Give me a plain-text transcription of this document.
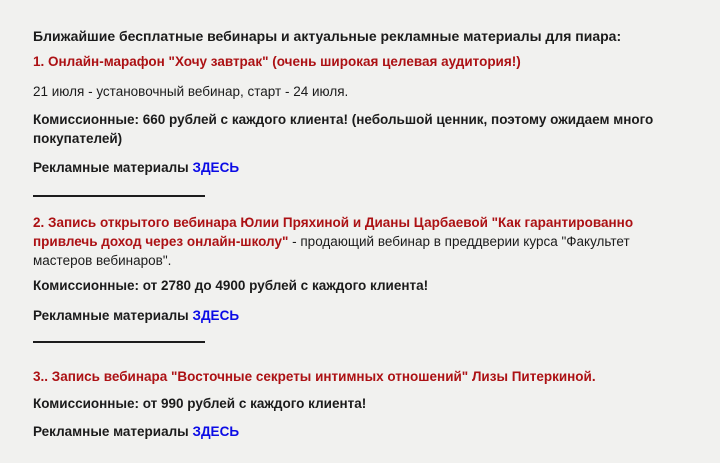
Ближайшие бесплатные вебинары и актуальные рекламные материалы для пиара:

1. Онлайн-марафон "Хочу завтрак" (очень широкая целевая аудитория!)

21 июля - установочный вебинар, старт - 24 июля.

Комиссионные: 660 рублей с каждого клиента! (небольшой ценник, поэтому ожидаем много покупателей)

Рекламные материалы ЗДЕСЬ

2. Запись открытого вебинара Юлии Пряхиной и Дианы Царбаевой "Как гарантированно привлечь доход через онлайн-школу" - продающий вебинар в преддверии курса "Факультет мастеров вебинаров".

Комиссионные: от 2780 до 4900 рублей с каждого клиента!

Рекламные материалы ЗДЕСЬ

3.. Запись вебинара "Восточные секреты интимных отношений" Лизы Питеркиной.

Комиссионные: от 990 рублей с каждого клиента!

Рекламные материалы ЗДЕСЬ
